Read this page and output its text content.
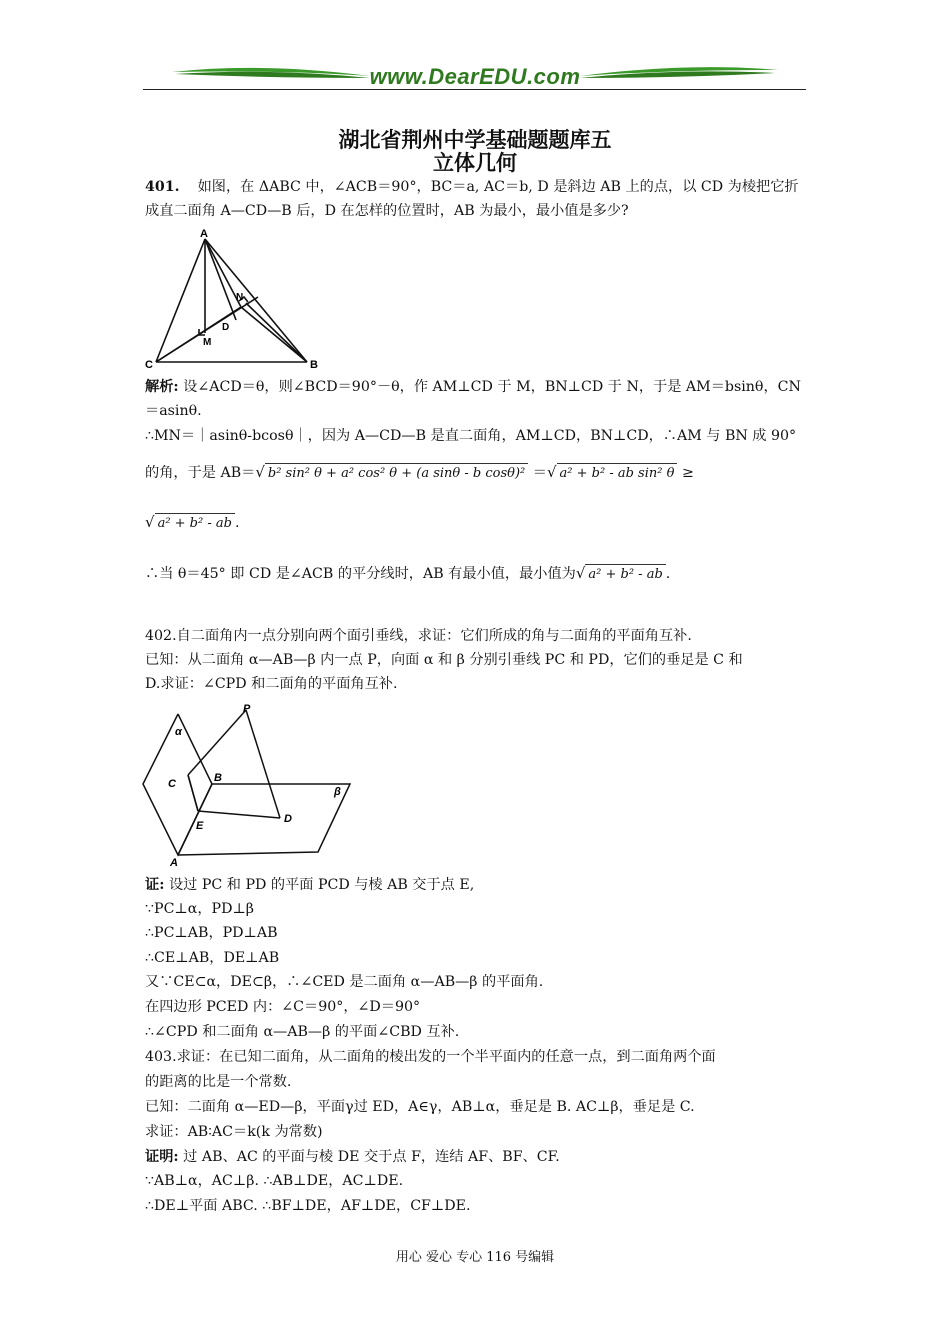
www.DearEDU.com
湖北省荆州中学基础题题库五
立体几何
401. 如图，在 ΔABC 中，∠ACB＝90°，BC＝a, AC＝b, D 是斜边 AB 上的点，以 CD 为棱把它折
成直二面角 A—CD—B 后，D 在怎样的位置时，AB 为最小，最小值是多少?
A
B
C
D
M
N
解析: 设∠ACD＝θ，则∠BCD＝90°－θ，作 AM⊥CD 于 M，BN⊥CD 于 N，于是 AM＝bsinθ，CN
＝asinθ.
∴MN＝｜asinθ-bcosθ｜，因为 A—CD—B 是直二面角，AM⊥CD，BN⊥CD，∴AM 与 BN 成 90°
的角，于是 AB＝√ b² sin² θ + a² cos² θ + (a sinθ - b cosθ)² ＝√ a² + b² - ab sin² θ ≥
√ a² + b² - ab .
∴当 θ＝45° 即 CD 是∠ACB 的平分线时，AB 有最小值，最小值为√ a² + b² - ab .
402.自二面角内一点分别向两个面引垂线，求证：它们所成的角与二面角的平面角互补.
已知：从二面角 α—AB—β 内一点 P，向面 α 和 β 分别引垂线 PC 和 PD，它们的垂足是 C 和
D.求证：∠CPD 和二面角的平面角互补.
P
α
β
C	B
E
D
A
证: 设过 PC 和 PD 的平面 PCD 与棱 AB 交于点 E,
∵PC⊥α，PD⊥β
∴PC⊥AB，PD⊥AB
∴CE⊥AB，DE⊥AB
又∵CE⊂α，DE⊂β，∴∠CED 是二面角 α—AB—β 的平面角.
在四边形 PCED 内：∠C＝90°，∠D＝90°
∴∠CPD 和二面角 α—AB—β 的平面∠CBD 互补.
403.求证：在已知二面角，从二面角的棱出发的一个半平面内的任意一点，到二面角两个面
的距离的比是一个常数.
已知：二面角 α—ED—β，平面γ过 ED，A∈γ，AB⊥α，垂足是 B. AC⊥β，垂足是 C.
求证：AB∶AC＝k(k 为常数)
证明: 过 AB、AC 的平面与棱 DE 交于点 F，连结 AF、BF、CF.
∵AB⊥α，AC⊥β. ∴AB⊥DE，AC⊥DE.
∴DE⊥平面 ABC. ∴BF⊥DE，AF⊥DE，CF⊥DE.
用心 爱心 专心 116 号编辑
